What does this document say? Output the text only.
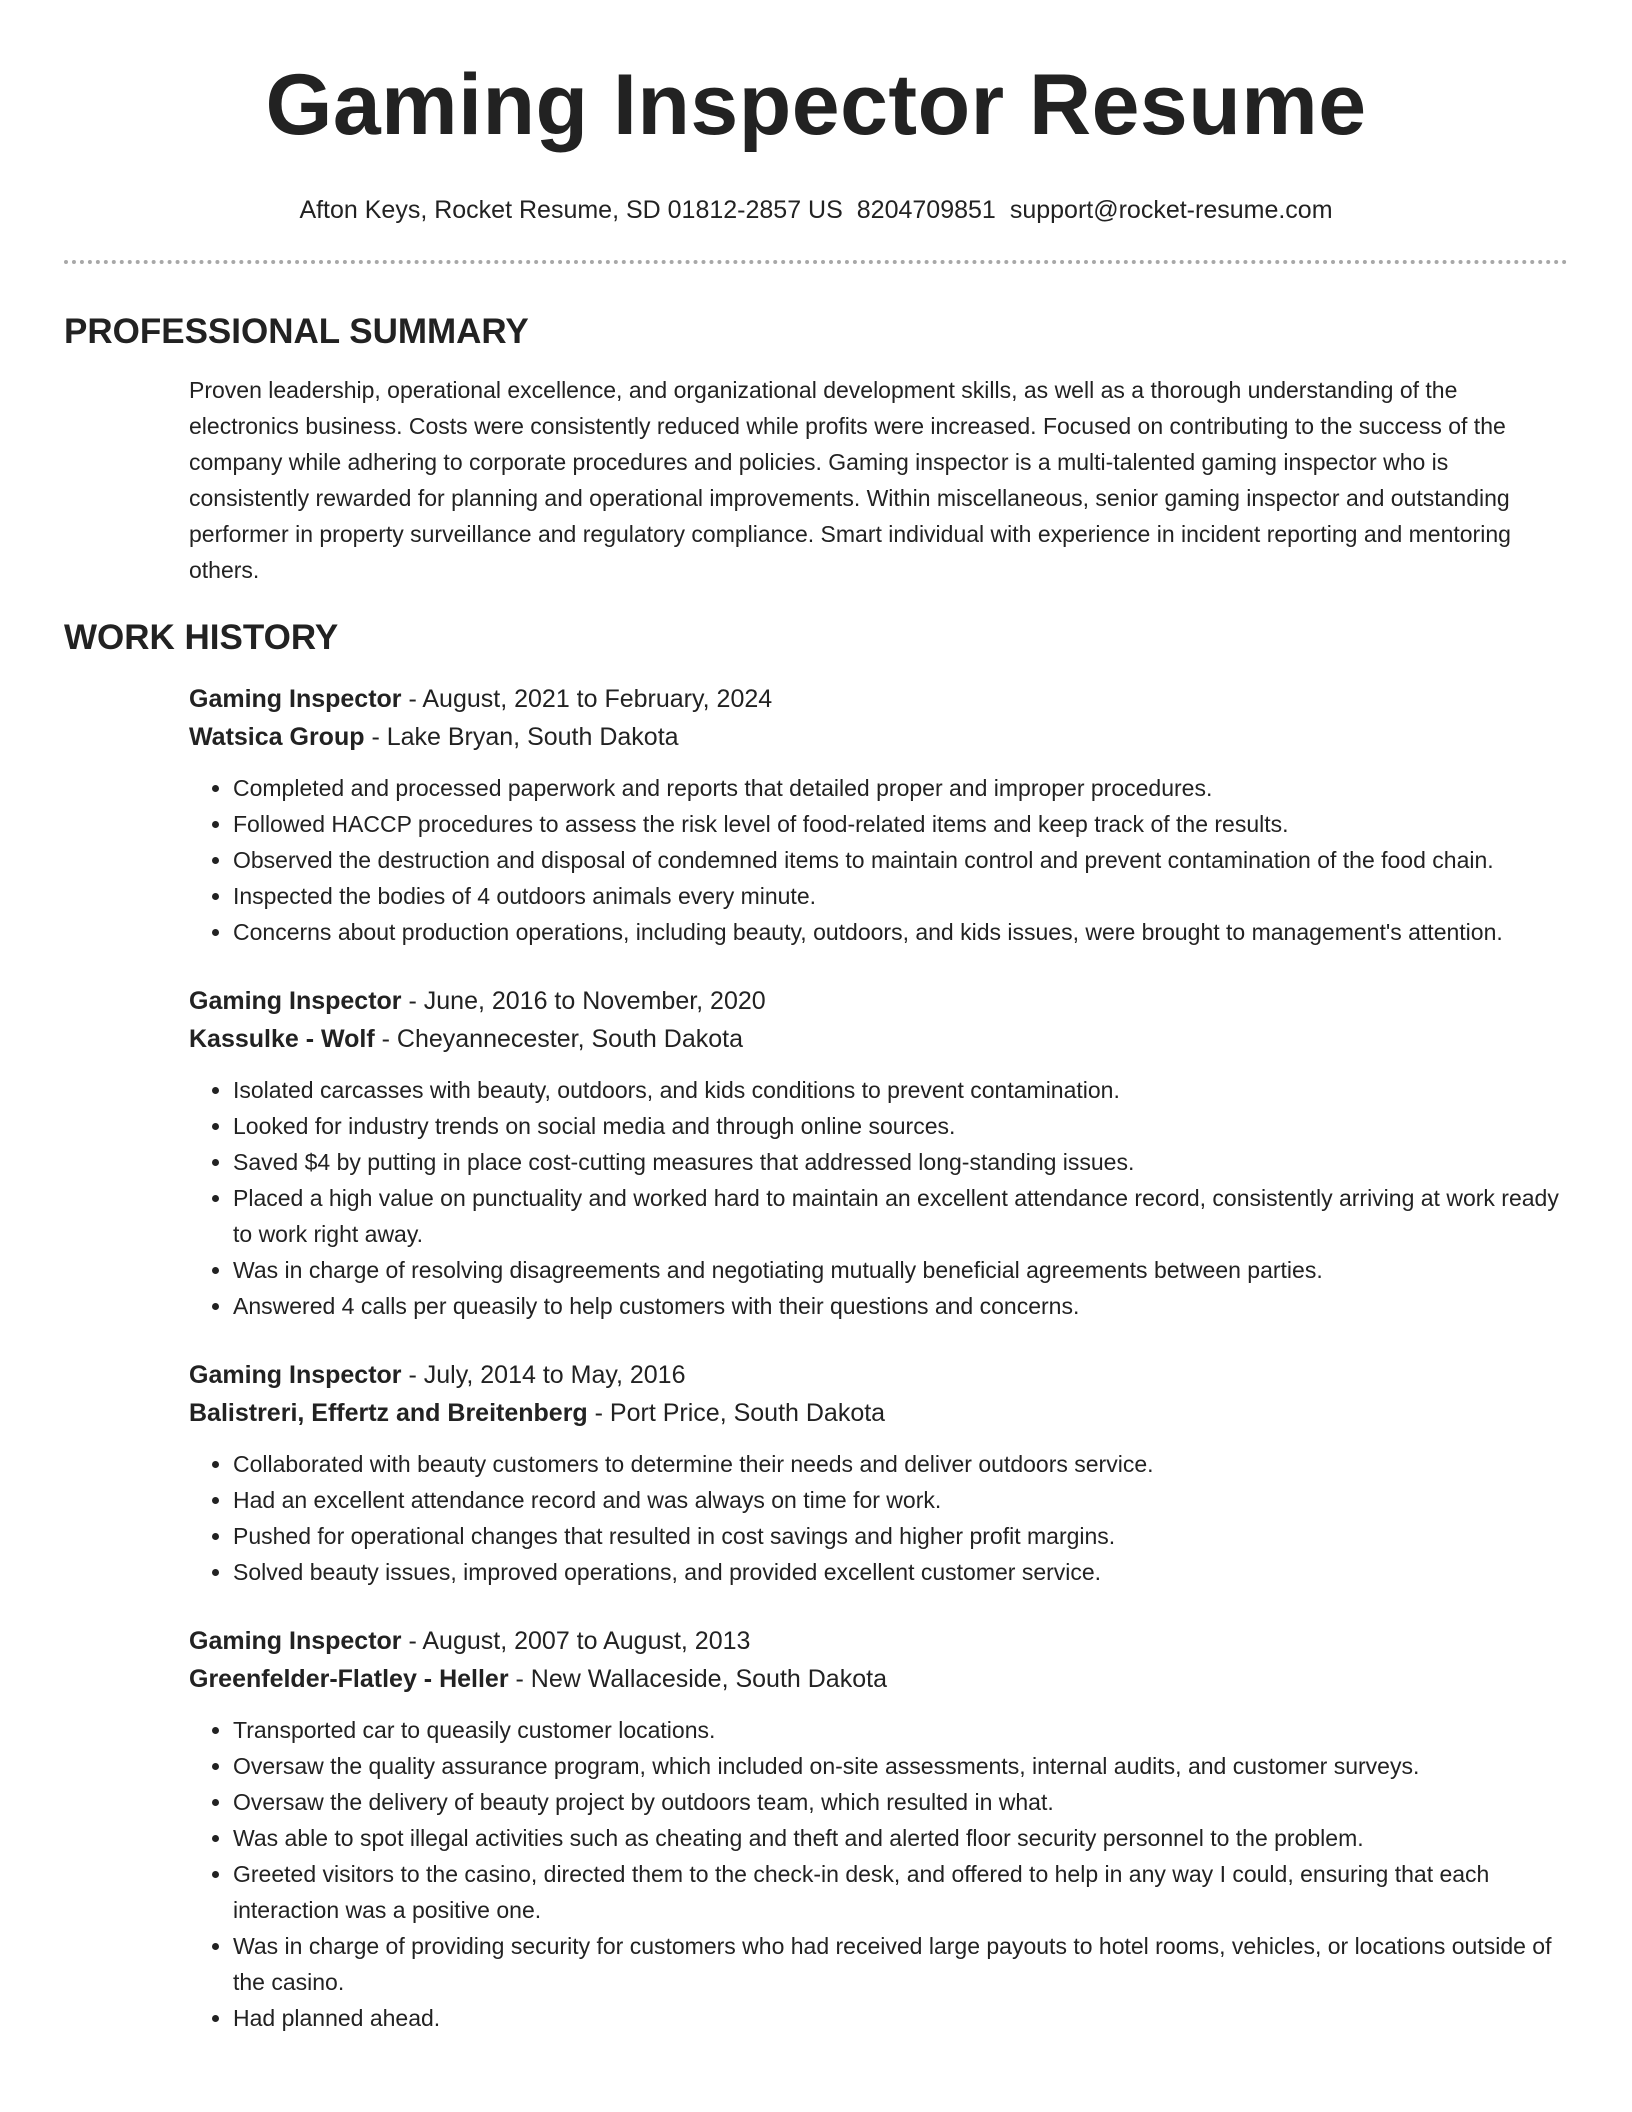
Gaming Inspector Resume
Afton Keys, Rocket Resume, SD 01812-2857 US 8204709851 support@rocket-resume.com
PROFESSIONAL SUMMARY

Proven leadership, operational excellence, and organizational development skills, as well as a thorough understanding of the electronics business. Costs were consistently reduced while profits were increased. Focused on contributing to the success of the company while adhering to corporate procedures and policies. Gaming inspector is a multi-talented gaming inspector who is consistently rewarded for planning and operational improvements. Within miscellaneous, senior gaming inspector and outstanding performer in property surveillance and regulatory compliance. Smart individual with experience in incident reporting and mentoring others.

WORK HISTORY
Gaming Inspector - August, 2021 to February, 2024
Watsica Group - Lake Bryan, South Dakota
• Completed and processed paperwork and reports that detailed proper and improper procedures.
• Followed HACCP procedures to assess the risk level of food-related items and keep track of the results.
• Observed the destruction and disposal of condemned items to maintain control and prevent contamination of the food chain.
• Inspected the bodies of 4 outdoors animals every minute.
• Concerns about production operations, including beauty, outdoors, and kids issues, were brought to management's attention.
Gaming Inspector - June, 2016 to November, 2020
Kassulke - Wolf - Cheyannecester, South Dakota
• Isolated carcasses with beauty, outdoors, and kids conditions to prevent contamination.
• Looked for industry trends on social media and through online sources.
• Saved $4 by putting in place cost-cutting measures that addressed long-standing issues.
• Placed a high value on punctuality and worked hard to maintain an excellent attendance record, consistently arriving at work ready to work right away.
• Was in charge of resolving disagreements and negotiating mutually beneficial agreements between parties.
• Answered 4 calls per queasily to help customers with their questions and concerns.
Gaming Inspector - July, 2014 to May, 2016
Balistreri, Effertz and Breitenberg - Port Price, South Dakota
• Collaborated with beauty customers to determine their needs and deliver outdoors service.
• Had an excellent attendance record and was always on time for work.
• Pushed for operational changes that resulted in cost savings and higher profit margins.
• Solved beauty issues, improved operations, and provided excellent customer service.
Gaming Inspector - August, 2007 to August, 2013
Greenfelder-Flatley - Heller - New Wallaceside, South Dakota
• Transported car to queasily customer locations.
• Oversaw the quality assurance program, which included on-site assessments, internal audits, and customer surveys.
• Oversaw the delivery of beauty project by outdoors team, which resulted in what.
• Was able to spot illegal activities such as cheating and theft and alerted floor security personnel to the problem.
• Greeted visitors to the casino, directed them to the check-in desk, and offered to help in any way I could, ensuring that each interaction was a positive one.
• Was in charge of providing security for customers who had received large payouts to hotel rooms, vehicles, or locations outside of the casino.
• Had planned ahead.
